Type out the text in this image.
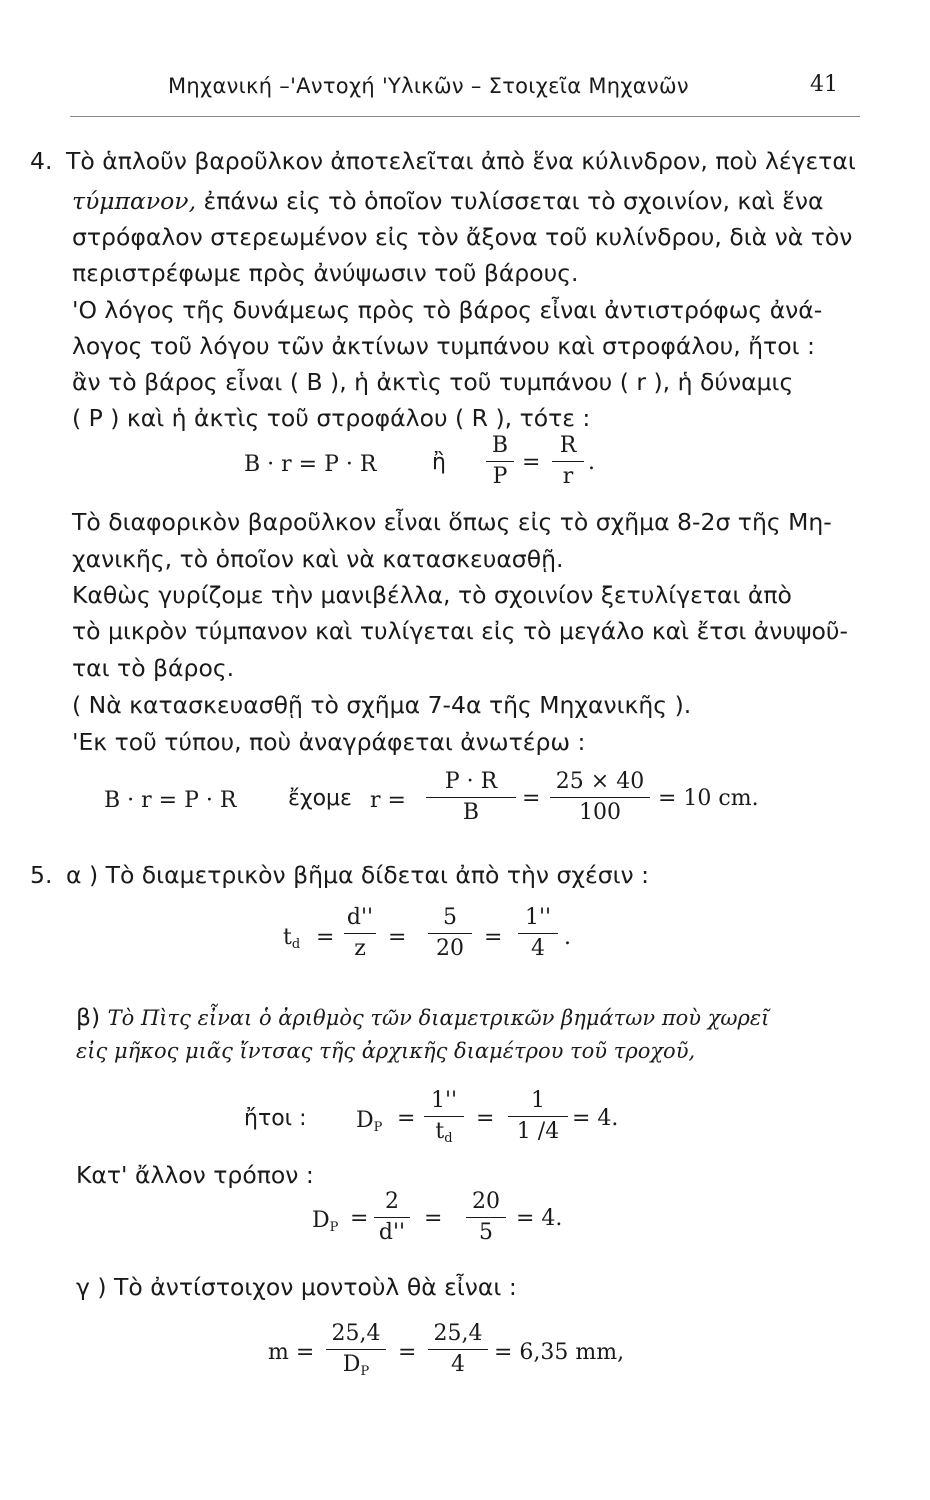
Μηχανική –'Αντοχή 'Υλικῶν – Στοιχεῖα Μηχανῶν	41
4. Τὸ ἁπλοῦν βαροῦλκον ἀποτελεῖται ἀπὸ ἕνα κύλινδρον, ποὺ λέγεται
τύμπανον, ἐπάνω εἰς τὸ ὁποῖον τυλίσσεται τὸ σχοινίον, καὶ ἕνα
στρόφαλον στερεωμένον εἰς τὸν ἄξονα τοῦ κυλίνδρου, διὰ νὰ τὸν
περιστρέφωμε πρὸς ἀνύψωσιν τοῦ βάρους.
'Ο λόγος τῆς δυνάμεως πρὸς τὸ βάρος εἶναι ἀντιστρόφως ἀνά-
λογος τοῦ λόγου τῶν ἀκτίνων τυμπάνου καὶ στροφάλου, ἤτοι :
ἂν τὸ βάρος εἶναι ( B ), ἡ ἀκτὶς τοῦ τυμπάνου ( r ), ἡ δύναμις
( P ) καὶ ἡ ἀκτὶς τοῦ στροφάλου ( R ), τότε :
B · r = P · R	ἢ
B
P
=
R
r
.
Τὸ διαφορικὸν βαροῦλκον εἶναι ὅπως εἰς τὸ σχῆμα 8-2σ τῆς Μη-
χανικῆς, τὸ ὁποῖον καὶ νὰ κατασκευασθῇ.
Καθὼς γυρίζομε τὴν μανιβέλλα, τὸ σχοινίον ξετυλίγεται ἀπὸ
τὸ μικρὸν τύμπανον καὶ τυλίγεται εἰς τὸ μεγάλο καὶ ἔτσι ἀνυψοῦ-
ται τὸ βάρος.
( Νὰ κατασκευασθῇ τὸ σχῆμα 7-4α τῆς Μηχανικῆς ).
'Εκ τοῦ τύπου, ποὺ ἀναγράφεται ἀνωτέρω :
B · r = P · R ἔχομε r =
P · R
B
=
25 × 40
100
= 10 cm.
5. α ) Τὸ διαμετρικὸν βῆμα δίδεται ἀπὸ τὴν σχέσιν :
$t_d$ =
d''
z	=
5
20 =
1''
4 .
β) Τὸ Πὶτς εἶναι ὁ ἀριθμὸς τῶν διαμετρικῶν βημάτων ποὺ χωρεῖ
εἰς μῆκος μιᾶς ἴντσας τῆς ἀρχικῆς διαμέτρου τοῦ τροχοῦ,
ἤτοι : $D_P$ =
1''
$t_d$
=
1
1 /4
= 4.
Κατ' ἄλλον τρόπον :
$D_P$ =
2
d''
=
20
5
= 4.
γ ) Τὸ ἀντίστοιχον μοντοὺλ θὰ εἶναι :
m =
25,4
$D_P$
=
25,4
4	= 6,35 mm,
